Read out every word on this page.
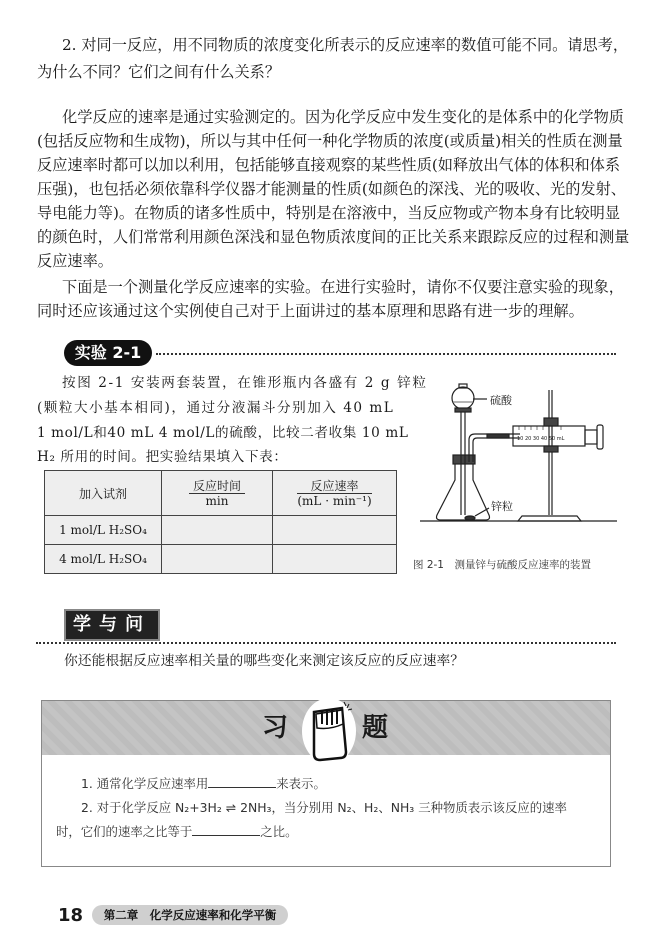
2. 对同一反应，用不同物质的浓度变化所表示的反应速率的数值可能不同。请思考，
为什么不同？它们之间有什么关系？
化学反应的速率是通过实验测定的。因为化学反应中发生变化的是体系中的化学物质
(包括反应物和生成物)，所以与其中任何一种化学物质的浓度(或质量)相关的性质在测量
反应速率时都可以加以利用，包括能够直接观察的某些性质(如释放出气体的体积和体系
压强)，也包括必须依靠科学仪器才能测量的性质(如颜色的深浅、光的吸收、光的发射、
导电能力等)。在物质的诸多性质中，特别是在溶液中，当反应物或产物本身有比较明显
的颜色时，人们常常利用颜色深浅和显色物质浓度间的正比关系来跟踪反应的过程和测量
反应速率。
下面是一个测量化学反应速率的实验。在进行实验时，请你不仅要注意实验的现象，
同时还应该通过这个实例使自己对于上面讲过的基本原理和思路有进一步的理解。
实验 2-1
按图 2-1 安装两套装置，在锥形瓶内各盛有 2 g 锌粒
(颗粒大小基本相同)，通过分液漏斗分别加入 40 mL
1 mol/L和40 mL 4 mol/L的硫酸，比较二者收集 10 mL
H₂ 所用的时间。把实验结果填入下表：
加入试剂	$\frac{\text{反应时间}}{\min}$	$\frac{\text{反应速率}}{\text{(mL · min⁻¹)}}$
1 mol/L H₂SO₄		
4 mol/L H₂SO₄		
10 20 30 40 50 mL
硫酸
锌粒
图 2-1　测量锌与硫酸反应速率的装置
学与问
你还能根据反应速率相关量的哪些变化来测定该反应的反应速率？
习	题
1. 通常化学反应速率用	来表示。
2. 对于化学反应 N₂+3H₂ ⇌ 2NH₃，当分别用 N₂、H₂、NH₃ 三种物质表示该反应的速率
时，它们的速率之比等于	之比。
18	第二章　化学反应速率和化学平衡
